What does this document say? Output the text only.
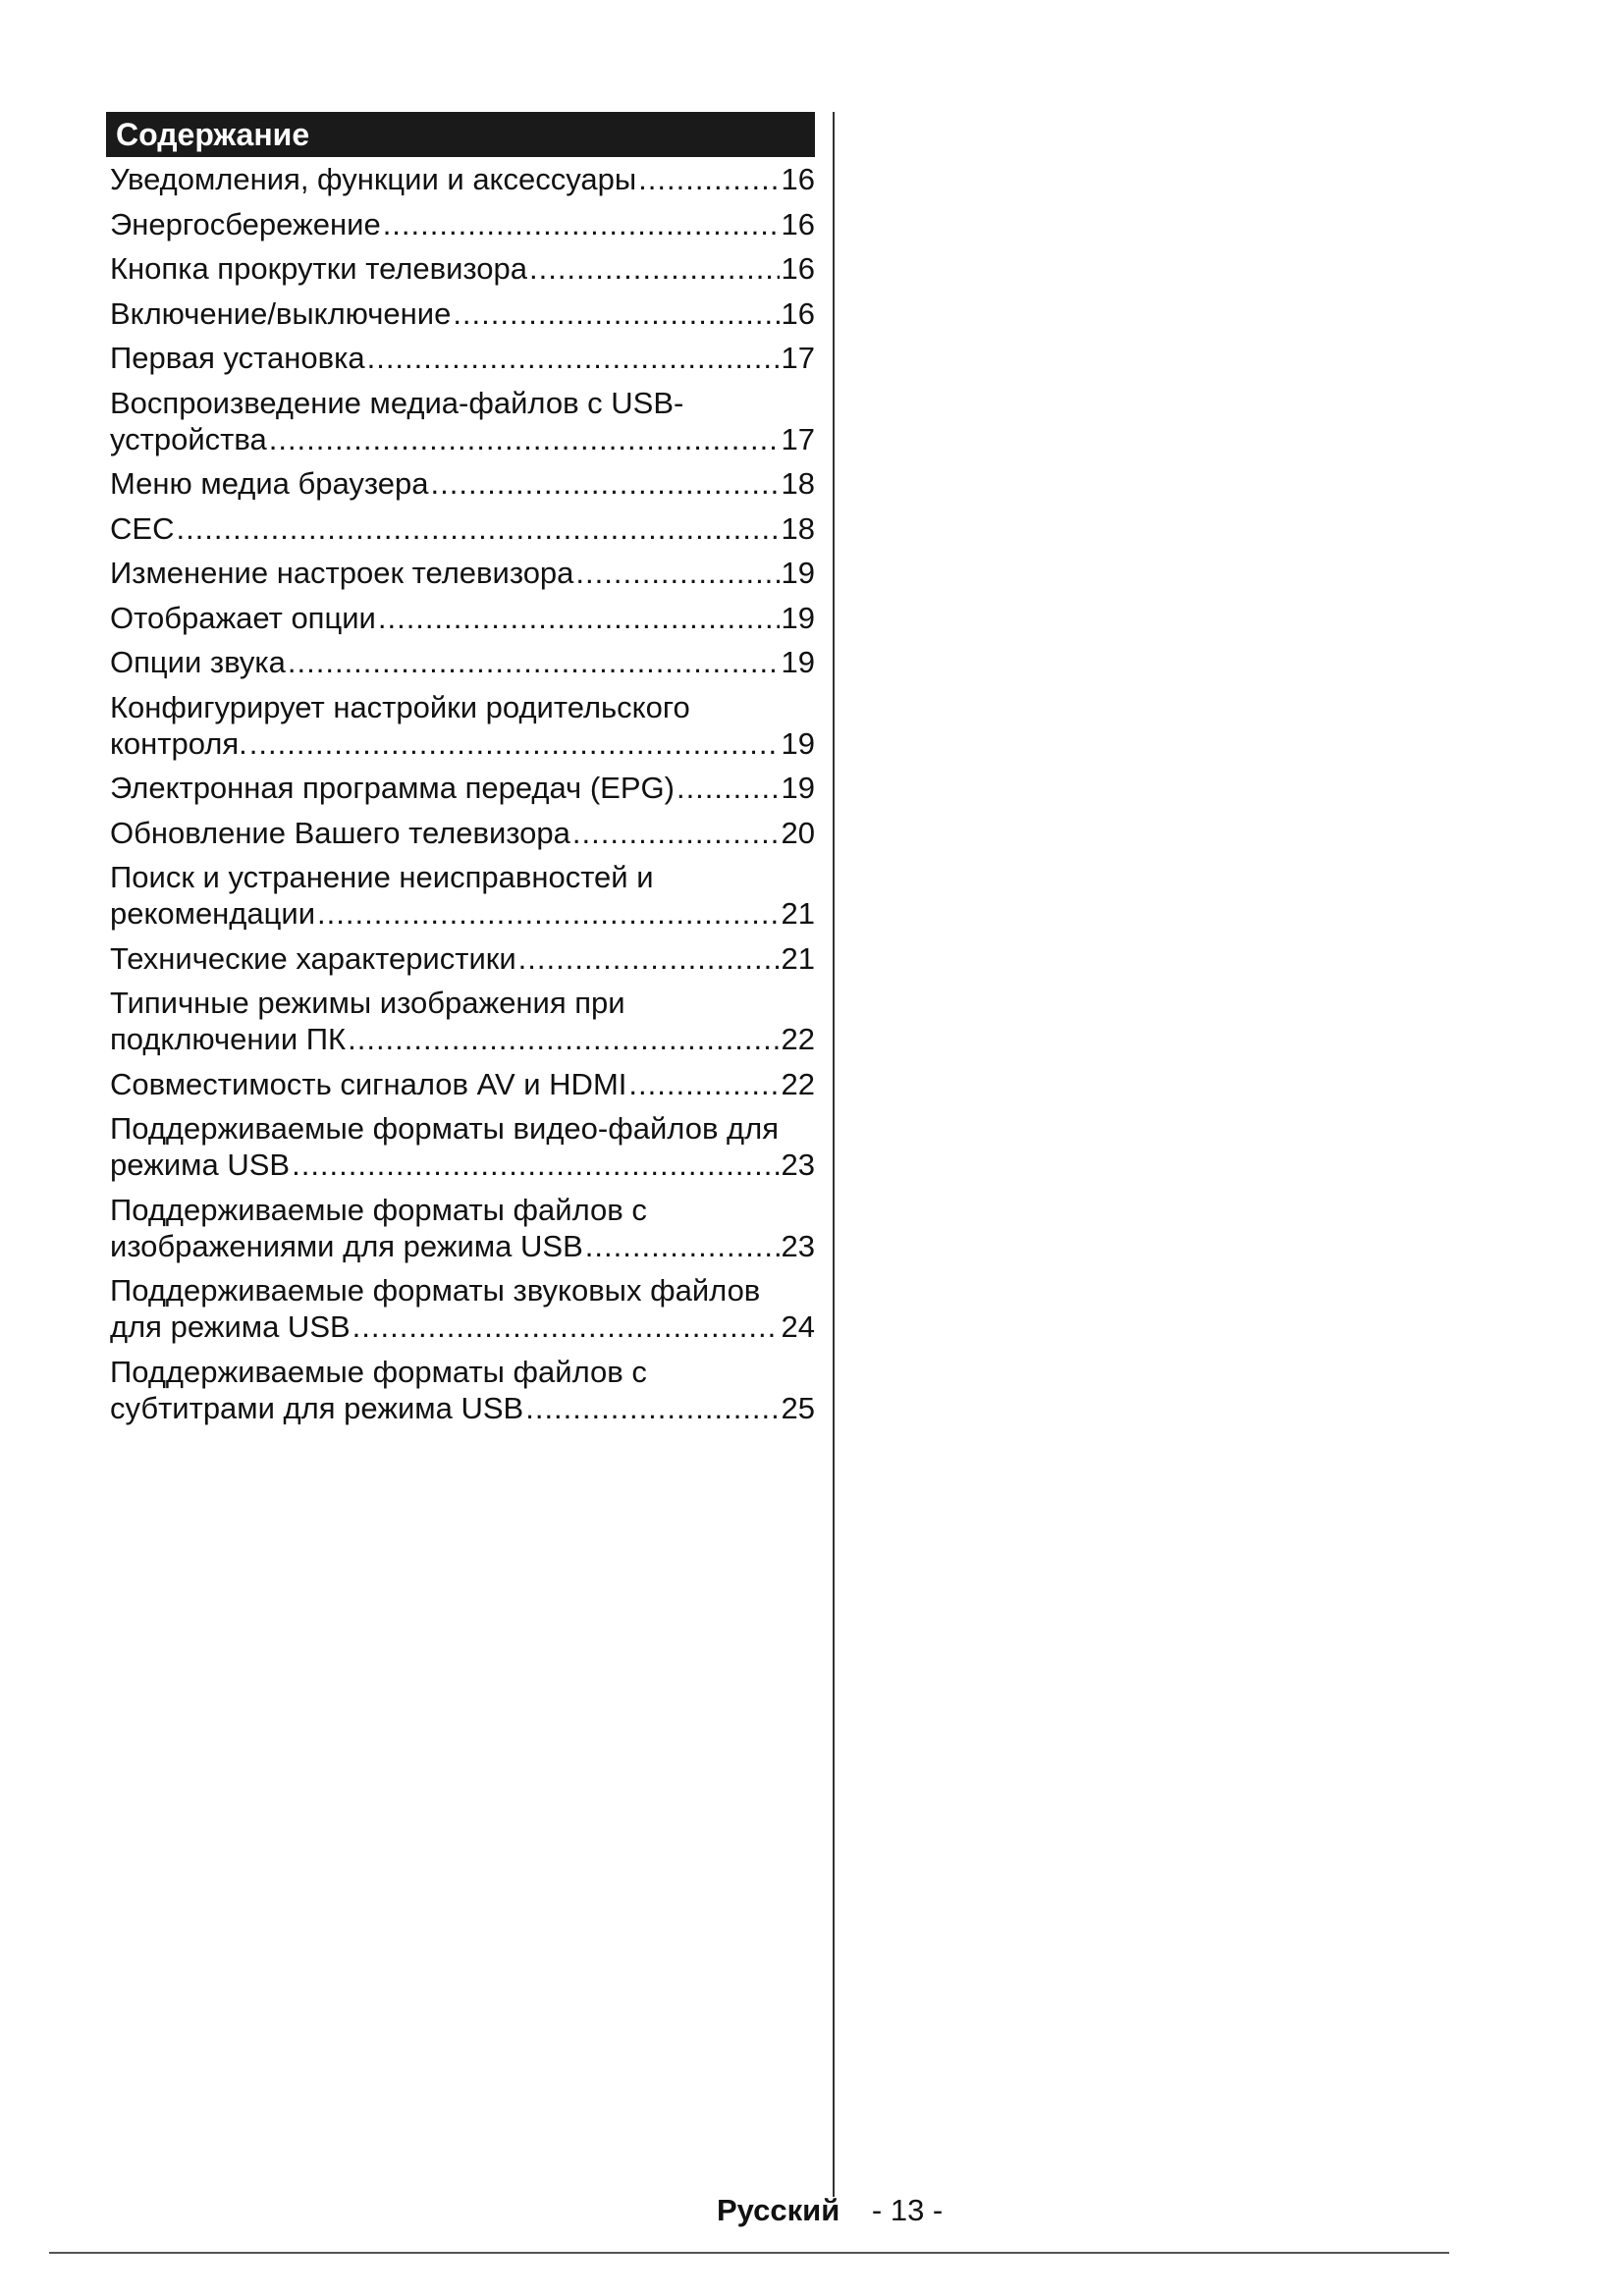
Содержание
Уведомления, функции и аксессуары .....	16
Энергосбережение .....	16
Кнопка прокрутки телевизора .....	16
Включение/выключение .....	16
Первая установка .....	17
Воспроизведение медиа-файлов с USB-
устройства .....	17
Меню медиа браузера .....	18
CEC .....	18
Изменение настроек телевизора .....	19
Отображает опции .....	19
Опции звука .....	19
Конфигурирует настройки родительского
контроля. .....	19
Электронная программа передач (EPG) .....	19
Обновление Вашего телевизора .....	20
Поиск и устранение неисправностей и
рекомендации .....	21
Технические характеристики .....	21
Типичные режимы изображения при
подключении ПК .....	22
Совместимость сигналов AV и HDMI .....	22
Поддерживаемые форматы видео-файлов для
режима USB .....	23
Поддерживаемые форматы файлов с
изображениями для режима USB .....	23
Поддерживаемые форматы звуковых файлов
для режима USB .....	24
Поддерживаемые форматы файлов с
субтитрами для режима USB .....	25
Русский - 13 -
